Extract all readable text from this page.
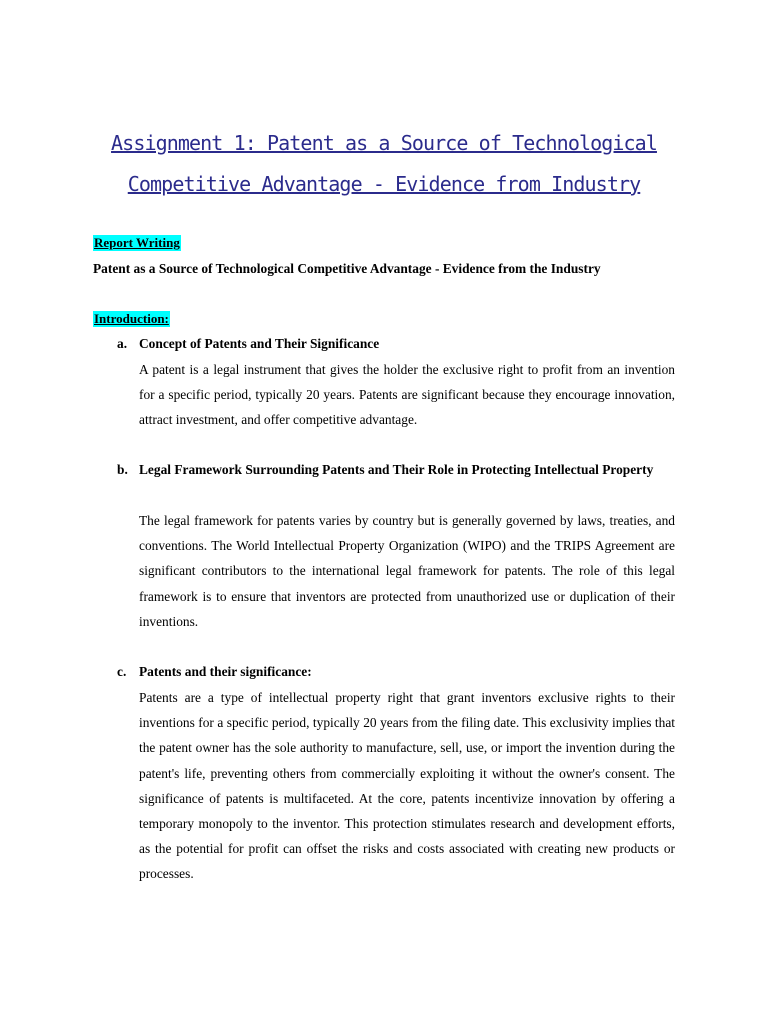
Assignment 1: Patent as a Source of Technological
Competitive Advantage - Evidence from Industry
Report Writing
Patent as a Source of Technological Competitive Advantage - Evidence from the Industry
Introduction:
a. Concept of Patents and Their Significance
A patent is a legal instrument that gives the holder the exclusive right to profit from an invention for a specific period, typically 20 years. Patents are significant because they encourage innovation, attract investment, and offer competitive advantage.
b. Legal Framework Surrounding Patents and Their Role in Protecting Intellectual Property
The legal framework for patents varies by country but is generally governed by laws, treaties, and conventions. The World Intellectual Property Organization (WIPO) and the TRIPS Agreement are significant contributors to the international legal framework for patents. The role of this legal framework is to ensure that inventors are protected from unauthorized use or duplication of their inventions.
c. Patents and their significance:
Patents are a type of intellectual property right that grant inventors exclusive rights to their inventions for a specific period, typically 20 years from the filing date. This exclusivity implies that the patent owner has the sole authority to manufacture, sell, use, or import the invention during the patent's life, preventing others from commercially exploiting it without the owner's consent. The significance of patents is multifaceted. At the core, patents incentivize innovation by offering a temporary monopoly to the inventor. This protection stimulates research and development efforts, as the potential for profit can offset the risks and costs associated with creating new products or processes.
